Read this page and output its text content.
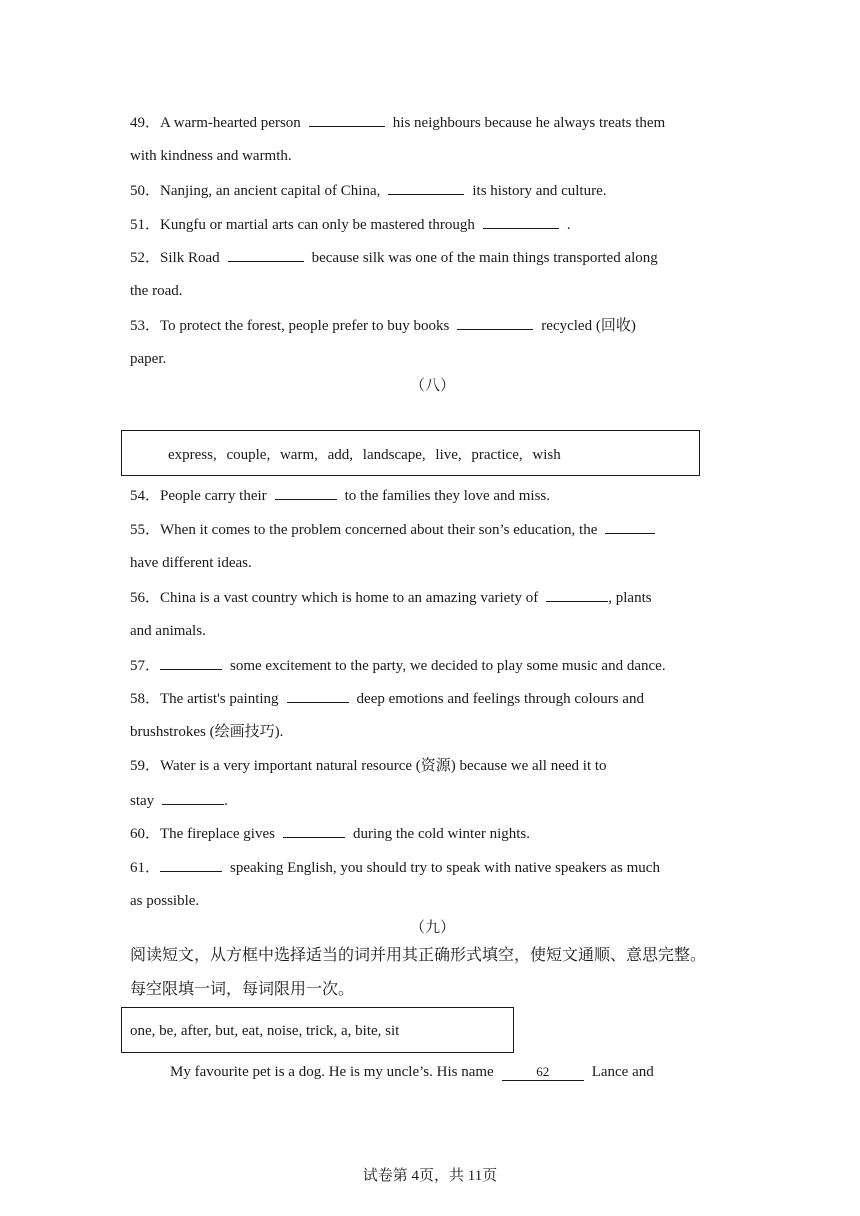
49．A warm-hearted person	his neighbours because he always treats them
with kindness and warmth.
50．Nanjing, an ancient capital of China,	its history and culture.
51．Kungfu or martial arts can only be mastered through	.
52．Silk Road	because silk was one of the main things transported along
the road.
53．To protect the forest, people prefer to buy books	recycled (回收)
paper.
（八）
express, couple, warm, add, landscape, live, practice, wish
54．People carry their	to the families they love and miss.
55．When it comes to the problem concerned about their son’s education, the
have different ideas.
56．China is a vast country which is home to an amazing variety of	, plants
and animals.
57．	some excitement to the party, we decided to play some music and dance.
58．The artist's painting	deep emotions and feelings through colours and
brushstrokes (绘画技巧).
59．Water is a very important natural resource (资源) because we all need it to
stay	.
60．The fireplace gives	during the cold winter nights.
61．	speaking English, you should try to speak with native speakers as much
as possible.
（九）
阅读短文，从方框中选择适当的词并用其正确形式填空，使短文通顺、意思完整。
每空限填一词，每词限用一次。
one, be, after, but, eat, noise, trick, a, bite, sit
My favourite pet is a dog. He is my uncle’s. His name	62	Lance and
试卷第 4页，共 11页
